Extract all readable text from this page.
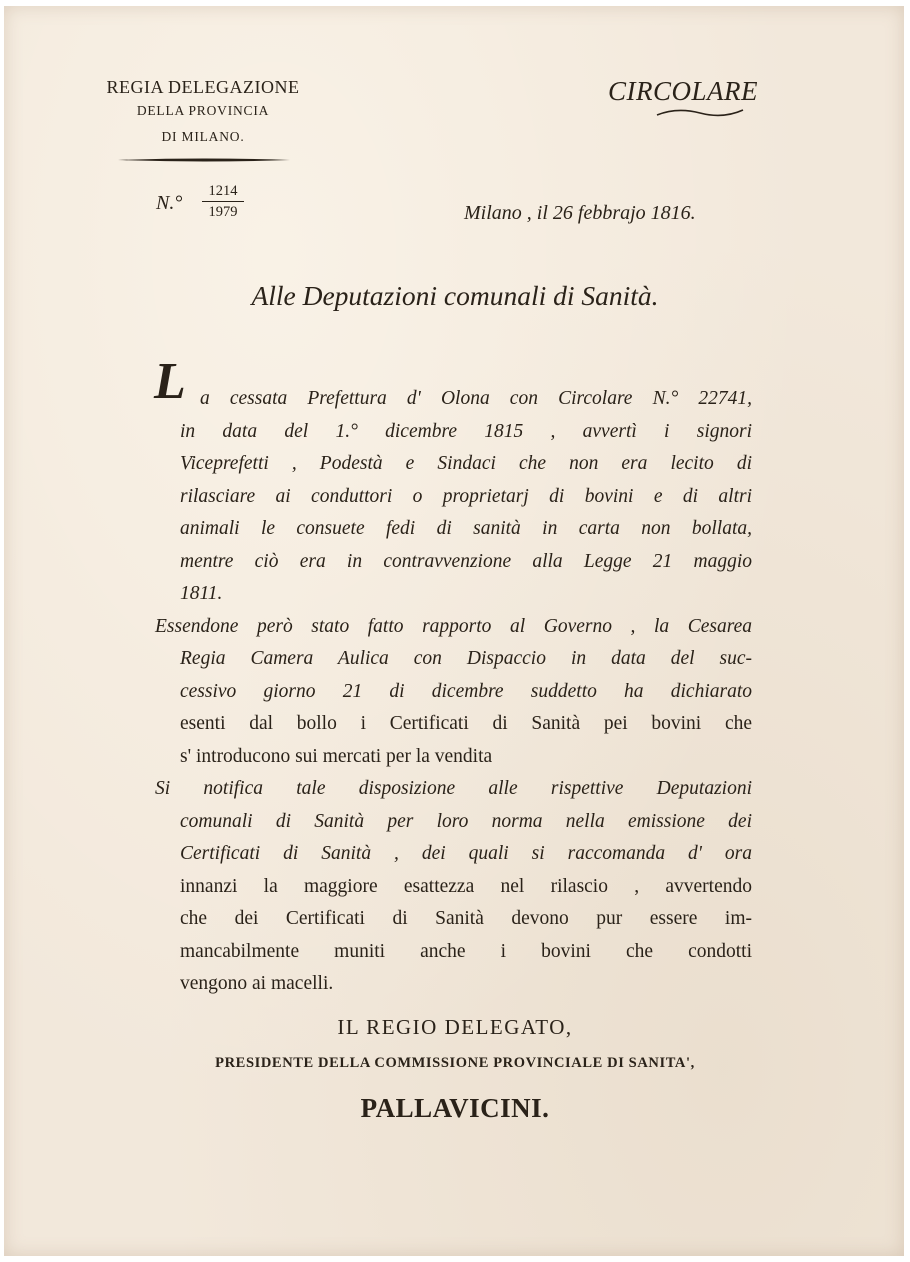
REGIA DELEGAZIONE
DELLA PROVINCIA
DI MILANO.
CIRCOLARE
N.°
1214
1979	Milano , il 26 febbrajo 1816.
Alle Deputazioni comunali di Sanità.
L a cessata Prefettura d' Olona con Circolare N.° 22741,
in data del 1.° dicembre 1815 , avvertì i signori
Viceprefetti , Podestà e Sindaci che non era lecito di
rilasciare ai conduttori o proprietarj di bovini e di altri
animali le consuete fedi di sanità in carta non bollata,
mentre ciò era in contravvenzione alla Legge 21 maggio
1811.
Essendone però stato fatto rapporto al Governo , la Cesarea
Regia Camera Aulica con Dispaccio in data del suc-
cessivo giorno 21 di dicembre suddetto ha dichiarato
esenti dal bollo i Certificati di Sanità pei bovini che
s' introducono sui mercati per la vendita
Si notifica tale disposizione alle rispettive Deputazioni
comunali di Sanità per loro norma nella emissione dei
Certificati di Sanità , dei quali si raccomanda d' ora
innanzi la maggiore esattezza nel rilascio , avvertendo
che dei Certificati di Sanità devono pur essere im-
mancabilmente muniti anche i bovini che condotti
vengono ai macelli.
IL REGIO DELEGATO,
PRESIDENTE DELLA COMMISSIONE PROVINCIALE DI SANITA',
PALLAVICINI.
